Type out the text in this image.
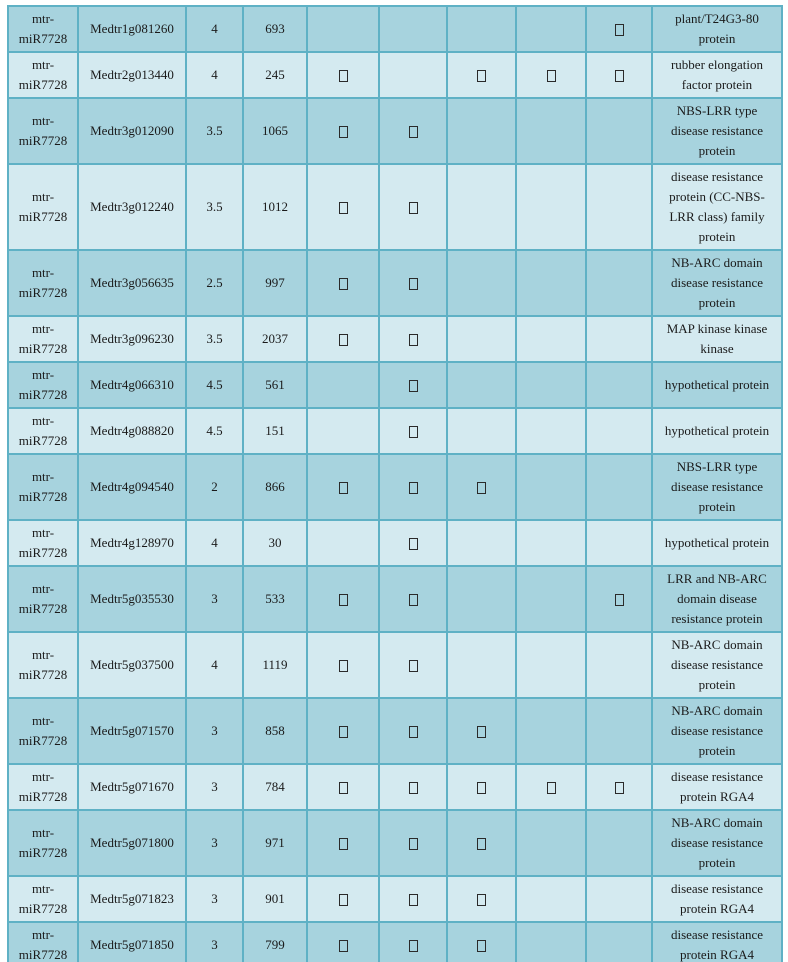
mtr-miR7728	Medtr1g081260	4	693						plant/T24G3-80 protein
mtr-miR7728	Medtr2g013440	4	245						rubber elongation factor protein
mtr-miR7728	Medtr3g012090	3.5	1065						NBS-LRR type disease resistance protein
mtr-miR7728	Medtr3g012240	3.5	1012						disease resistance protein (CC-NBS-LRR class) family protein
mtr-miR7728	Medtr3g056635	2.5	997						NB-ARC domain disease resistance protein
mtr-miR7728	Medtr3g096230	3.5	2037						MAP kinase kinase kinase
mtr-miR7728	Medtr4g066310	4.5	561						hypothetical protein
mtr-miR7728	Medtr4g088820	4.5	151						hypothetical protein
mtr-miR7728	Medtr4g094540	2	866						NBS-LRR type disease resistance protein
mtr-miR7728	Medtr4g128970	4	30						hypothetical protein
mtr-miR7728	Medtr5g035530	3	533						LRR and NB-ARC domain disease resistance protein
mtr-miR7728	Medtr5g037500	4	1119						NB-ARC domain disease resistance protein
mtr-miR7728	Medtr5g071570	3	858						NB-ARC domain disease resistance protein
mtr-miR7728	Medtr5g071670	3	784						disease resistance protein RGA4
mtr-miR7728	Medtr5g071800	3	971						NB-ARC domain disease resistance protein
mtr-miR7728	Medtr5g071823	3	901						disease resistance protein RGA4
mtr-miR7728	Medtr5g071850	3	799						disease resistance protein RGA4
